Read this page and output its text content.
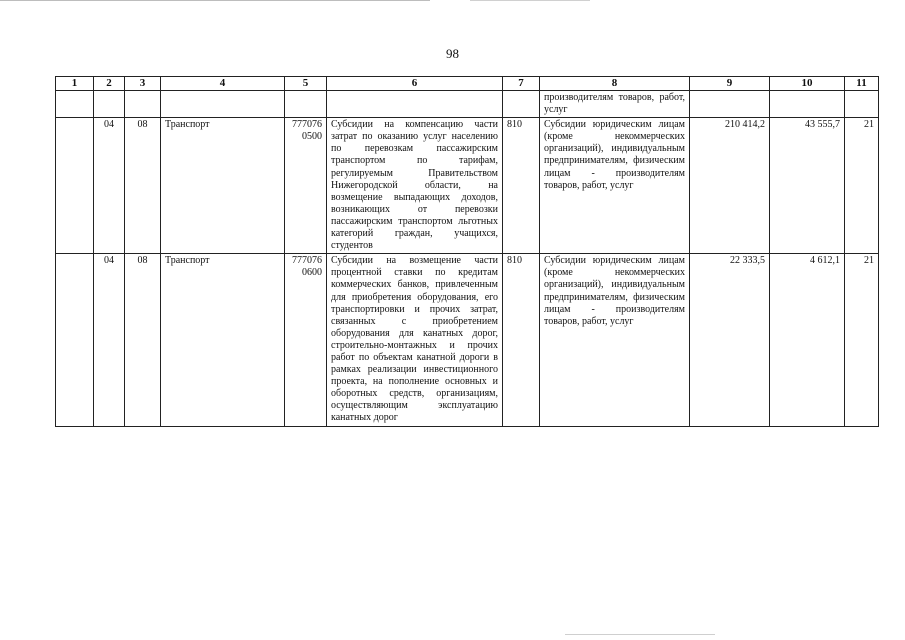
98
1	2	3	4	5	6	7	8	9	10	11
							производителям товаров, работ, услуг			
	04	08	Транспорт	777076 0500	Субсидии на компенсацию части затрат по оказанию услуг населению по перевозкам пассажирским транспортом по тарифам, регулируемым Правительством Нижегородской области, на возмещение выпадающих доходов, возникающих от перевозки пассажирским транспортом льготных категорий граждан, учащихся, студентов	810	Субсидии юридическим лицам (кроме некоммерческих организаций), индивидуальным предпринимателям, физическим лицам - производителям товаров, работ, услуг	210 414,2	43 555,7	21
	04	08	Транспорт	777076 0600	Субсидии на возмещение части процентной ставки по кредитам коммерческих банков, привлеченным для приобретения оборудования, его транспортировки и прочих затрат, связанных с приобретением оборудования для канатных дорог, строительно-монтажных и прочих работ по объектам канатной дороги в рамках реализации инвестиционного проекта, на пополнение основных и оборотных средств, организациям, осуществляющим эксплуатацию канатных дорог	810	Субсидии юридическим лицам (кроме некоммерческих организаций), индивидуальным предпринимателям, физическим лицам - производителям товаров, работ, услуг	22 333,5	4 612,1	21
